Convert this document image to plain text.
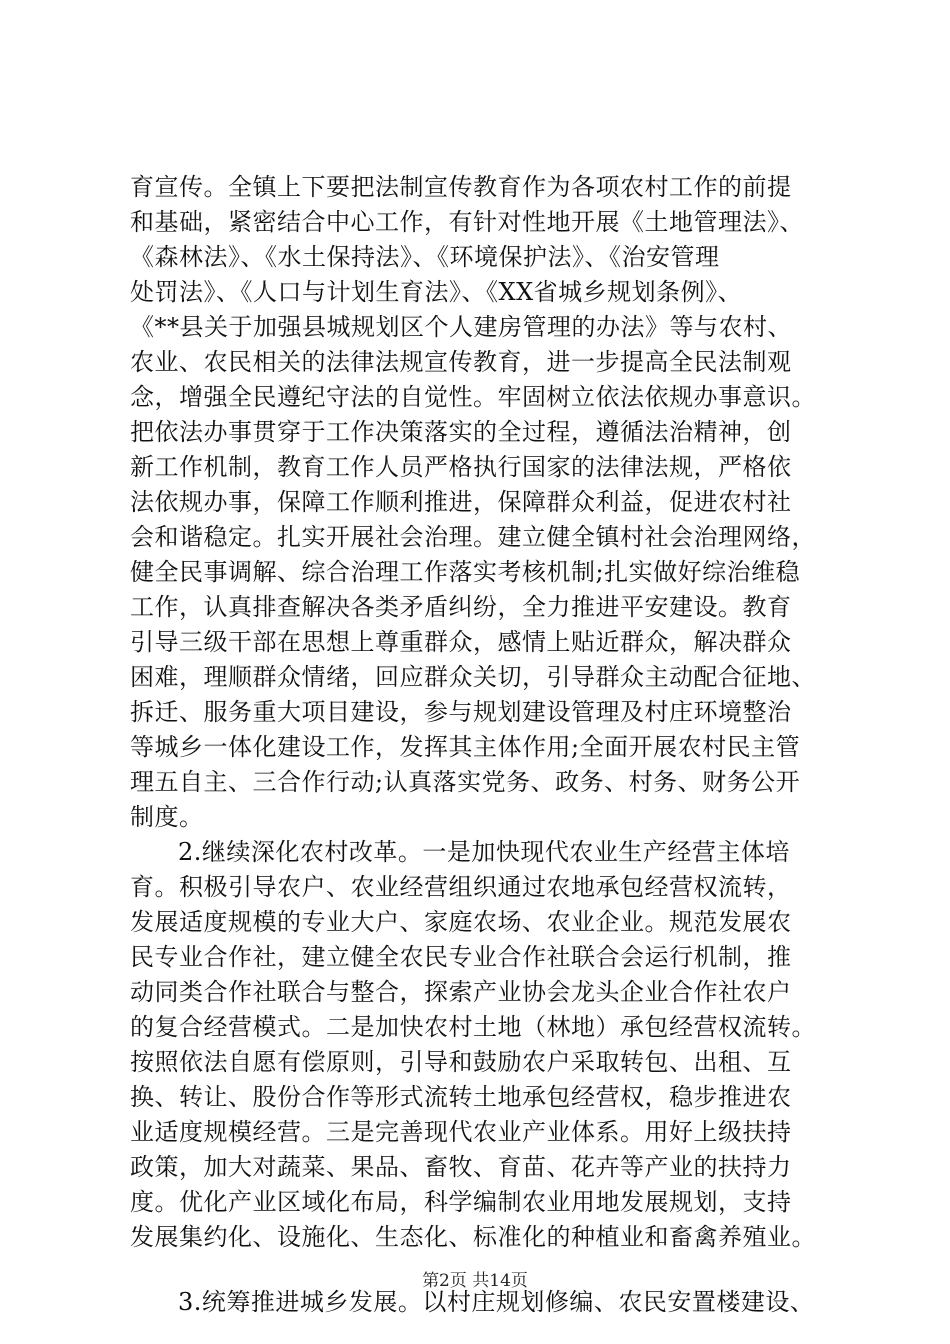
育宣传。全镇上下要把法制宣传教育作为各项农村工作的前提
和基础，紧密结合中心工作，有针对性地开展《土地管理法》、
《森林法》、《水土保持法》、《环境保护法》、《治安管理
处罚法》、《人口与计划生育法》、《XX省城乡规划条例》、
《**县关于加强县城规划区个人建房管理的办法》等与农村、
农业、农民相关的法律法规宣传教育，进一步提高全民法制观
念，增强全民遵纪守法的自觉性。牢固树立依法依规办事意识。
把依法办事贯穿于工作决策落实的全过程，遵循法治精神，创
新工作机制，教育工作人员严格执行国家的法律法规，严格依
法依规办事，保障工作顺利推进，保障群众利益，促进农村社
会和谐稳定。扎实开展社会治理。建立健全镇村社会治理网络，
健全民事调解、综合治理工作落实考核机制;扎实做好综治维稳
工作，认真排查解决各类矛盾纠纷，全力推进平安建设。教育
引导三级干部在思想上尊重群众，感情上贴近群众，解决群众
困难，理顺群众情绪，回应群众关切，引导群众主动配合征地、
拆迁、服务重大项目建设，参与规划建设管理及村庄环境整治
等城乡一体化建设工作，发挥其主体作用;全面开展农村民主管
理五自主、三合作行动;认真落实党务、政务、村务、财务公开
制度。
2.继续深化农村改革。一是加快现代农业生产经营主体培
育。积极引导农户、农业经营组织通过农地承包经营权流转，
发展适度规模的专业大户、家庭农场、农业企业。规范发展农
民专业合作社，建立健全农民专业合作社联合会运行机制，推
动同类合作社联合与整合，探索产业协会龙头企业合作社农户
的复合经营模式。二是加快农村土地（林地）承包经营权流转。
按照依法自愿有偿原则，引导和鼓励农户采取转包、出租、互
换、转让、股份合作等形式流转土地承包经营权，稳步推进农
业适度规模经营。三是完善现代农业产业体系。用好上级扶持
政策，加大对蔬菜、果品、畜牧、育苗、花卉等产业的扶持力
度。优化产业区域化布局，科学编制农业用地发展规划，支持
发展集约化、设施化、生态化、标准化的种植业和畜禽养殖业。
3.统筹推进城乡发展。以村庄规划修编、农民安置楼建设、
第2页 共14页
